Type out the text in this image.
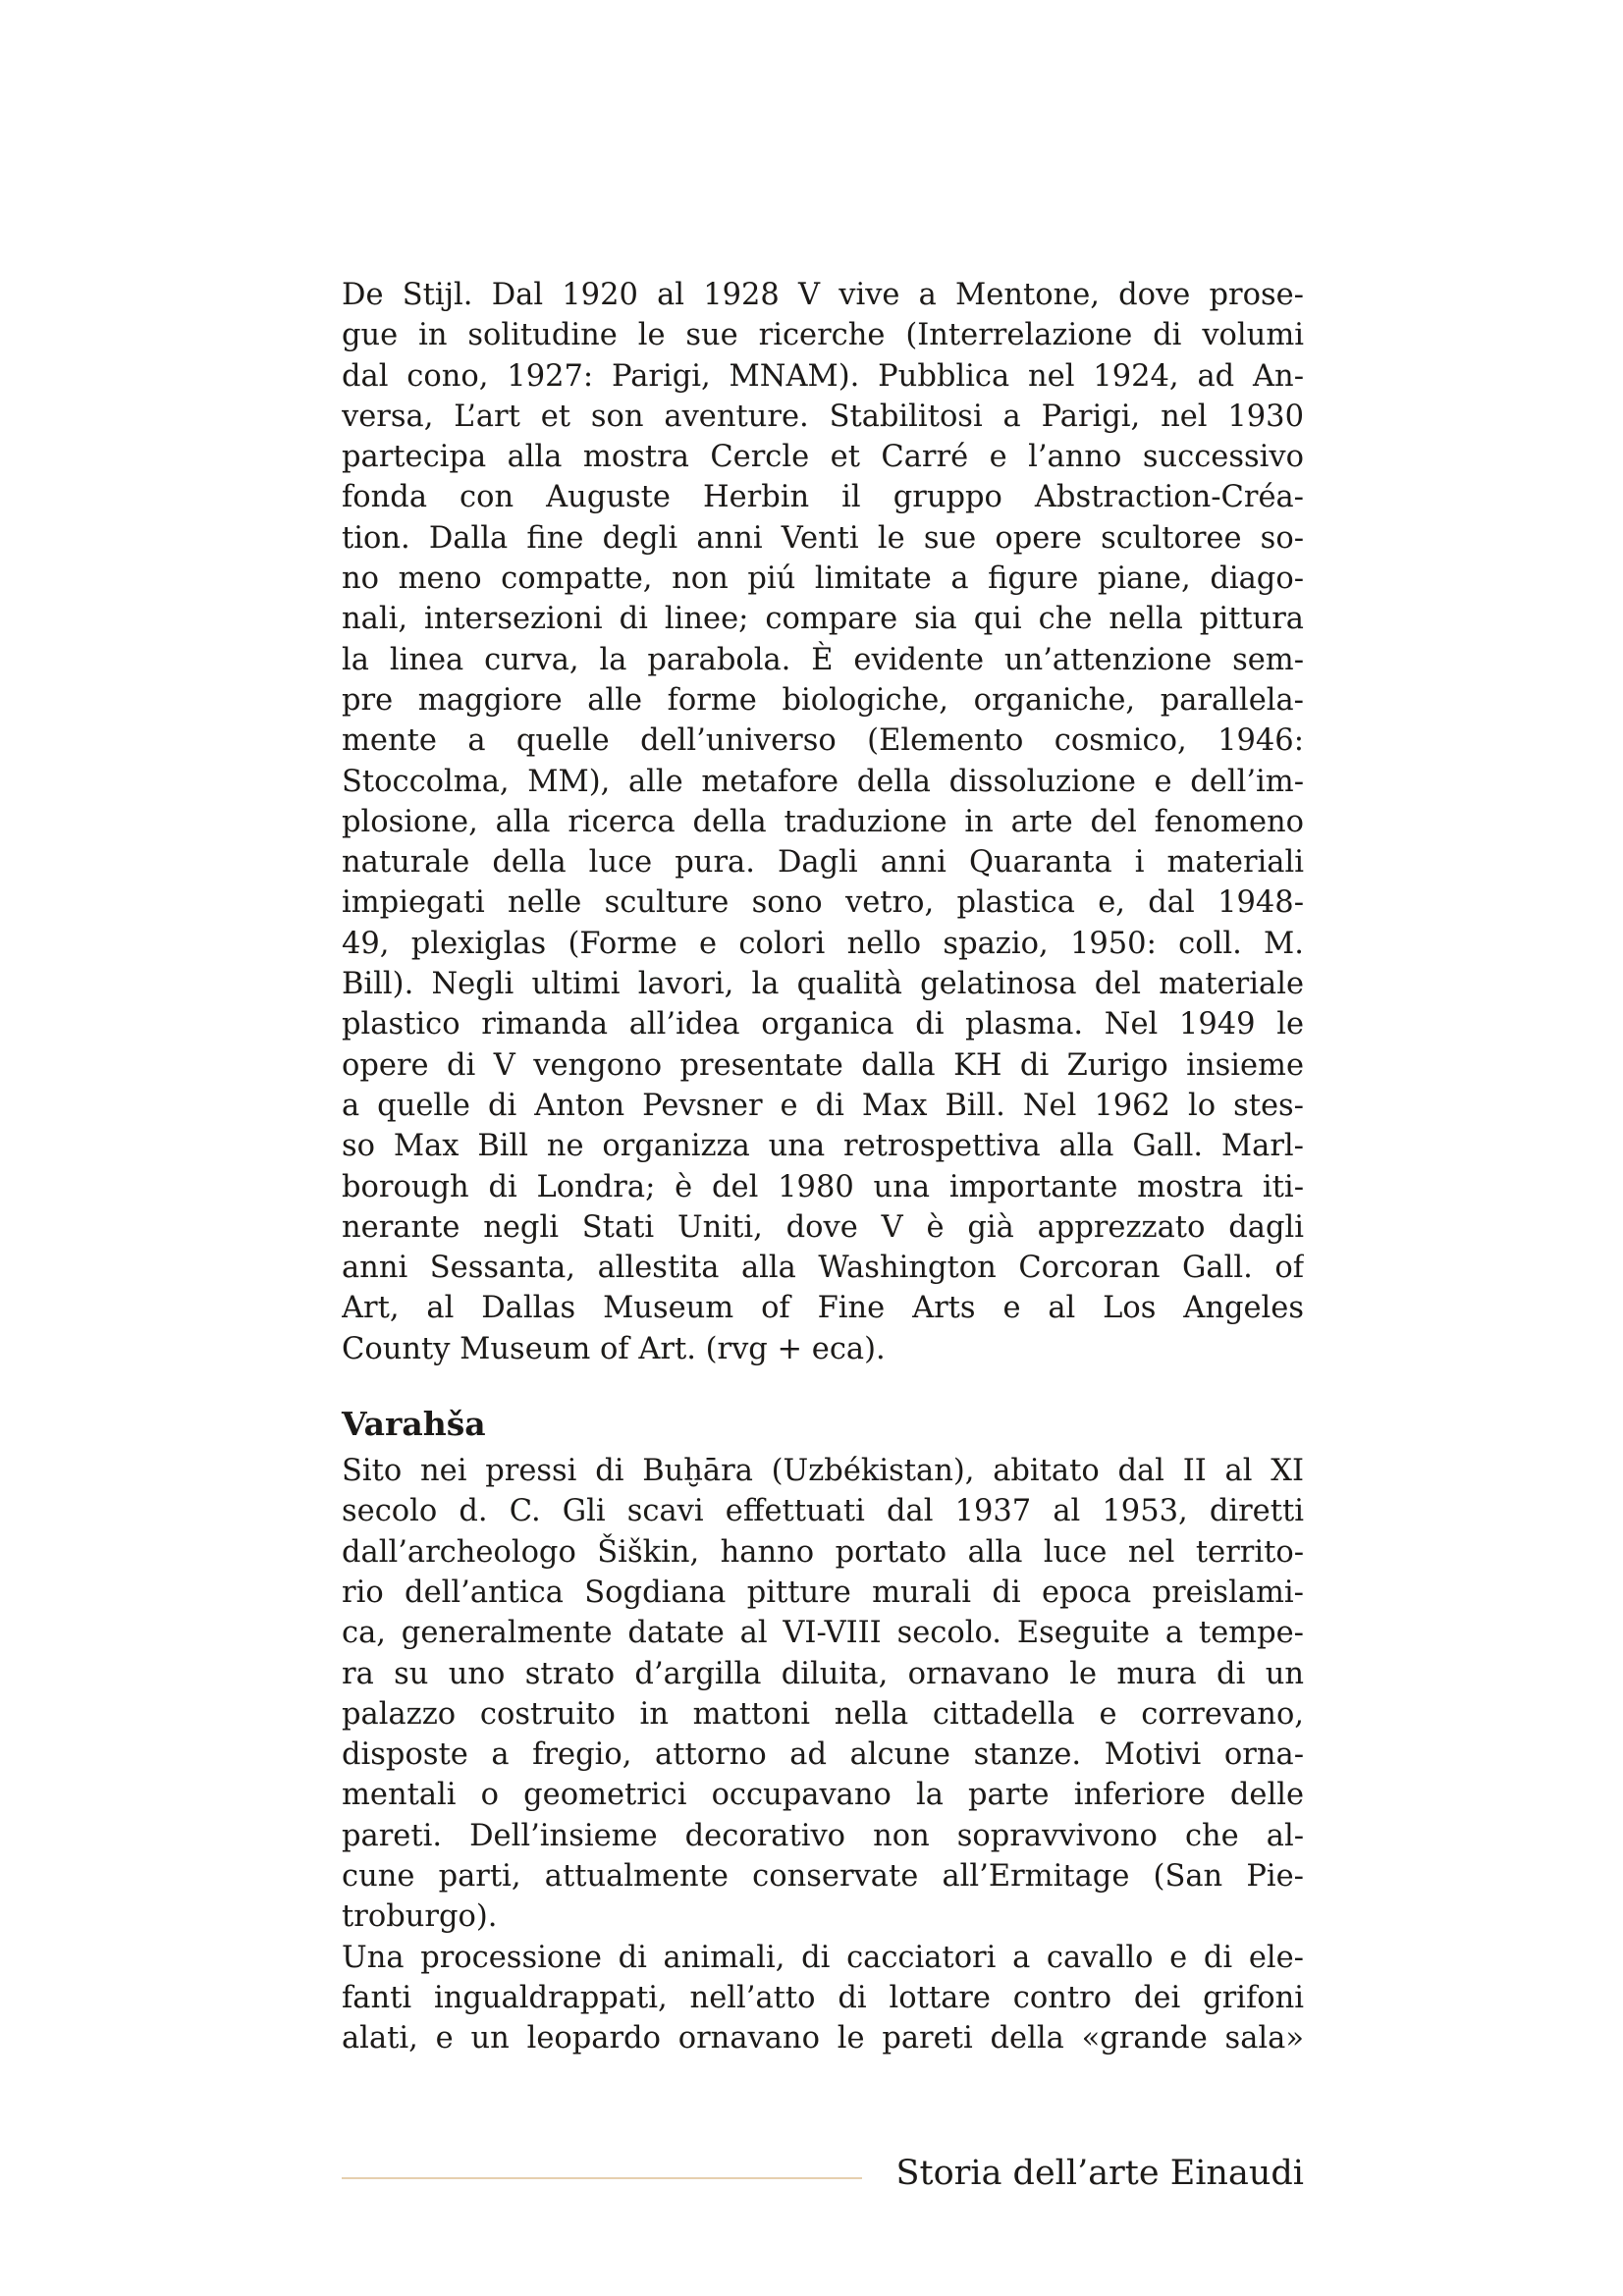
De Stijl. Dal 1920 al 1928 V vive a Mentone, dove prose-
gue in solitudine le sue ricerche (Interrelazione di volumi
dal cono, 1927: Parigi, MNAM). Pubblica nel 1924, ad An-
versa, L’art et son aventure. Stabilitosi a Parigi, nel 1930
partecipa alla mostra Cercle et Carré e l’anno successivo
fonda con Auguste Herbin il gruppo Abstraction-Créa-
tion. Dalla fine degli anni Venti le sue opere scultoree so-
no meno compatte, non piú limitate a figure piane, diago-
nali, intersezioni di linee; compare sia qui che nella pittura
la linea curva, la parabola. È evidente un’attenzione sem-
pre maggiore alle forme biologiche, organiche, parallela-
mente a quelle dell’universo (Elemento cosmico, 1946:
Stoccolma, MM), alle metafore della dissoluzione e dell’im-
plosione, alla ricerca della traduzione in arte del fenomeno
naturale della luce pura. Dagli anni Quaranta i materiali
impiegati nelle sculture sono vetro, plastica e, dal 1948-
49, plexiglas (Forme e colori nello spazio, 1950: coll. M.
Bill). Negli ultimi lavori, la qualità gelatinosa del materiale
plastico rimanda all’idea organica di plasma. Nel 1949 le
opere di V vengono presentate dalla KH di Zurigo insieme
a quelle di Anton Pevsner e di Max Bill. Nel 1962 lo stes-
so Max Bill ne organizza una retrospettiva alla Gall. Marl-
borough di Londra; è del 1980 una importante mostra iti-
nerante negli Stati Uniti, dove V è già apprezzato dagli
anni Sessanta, allestita alla Washington Corcoran Gall. of
Art, al Dallas Museum of Fine Arts e al Los Angeles
County Museum of Art. (rvg + eca).
Varahša
Sito nei pressi di Buḫāra (Uzbékistan), abitato dal II al XI
secolo d. C. Gli scavi effettuati dal 1937 al 1953, diretti
dall’archeologo Šiškin, hanno portato alla luce nel territo-
rio dell’antica Sogdiana pitture murali di epoca preislami-
ca, generalmente datate al VI-VIII secolo. Eseguite a tempe-
ra su uno strato d’argilla diluita, ornavano le mura di un
palazzo costruito in mattoni nella cittadella e correvano,
disposte a fregio, attorno ad alcune stanze. Motivi orna-
mentali o geometrici occupavano la parte inferiore delle
pareti. Dell’insieme decorativo non sopravvivono che al-
cune parti, attualmente conservate all’Ermitage (San Pie-
troburgo).
Una processione di animali, di cacciatori a cavallo e di ele-
fanti ingualdrappati, nell’atto di lottare contro dei grifoni
alati, e un leopardo ornavano le pareti della «grande sala»
Storia dell’arte Einaudi
